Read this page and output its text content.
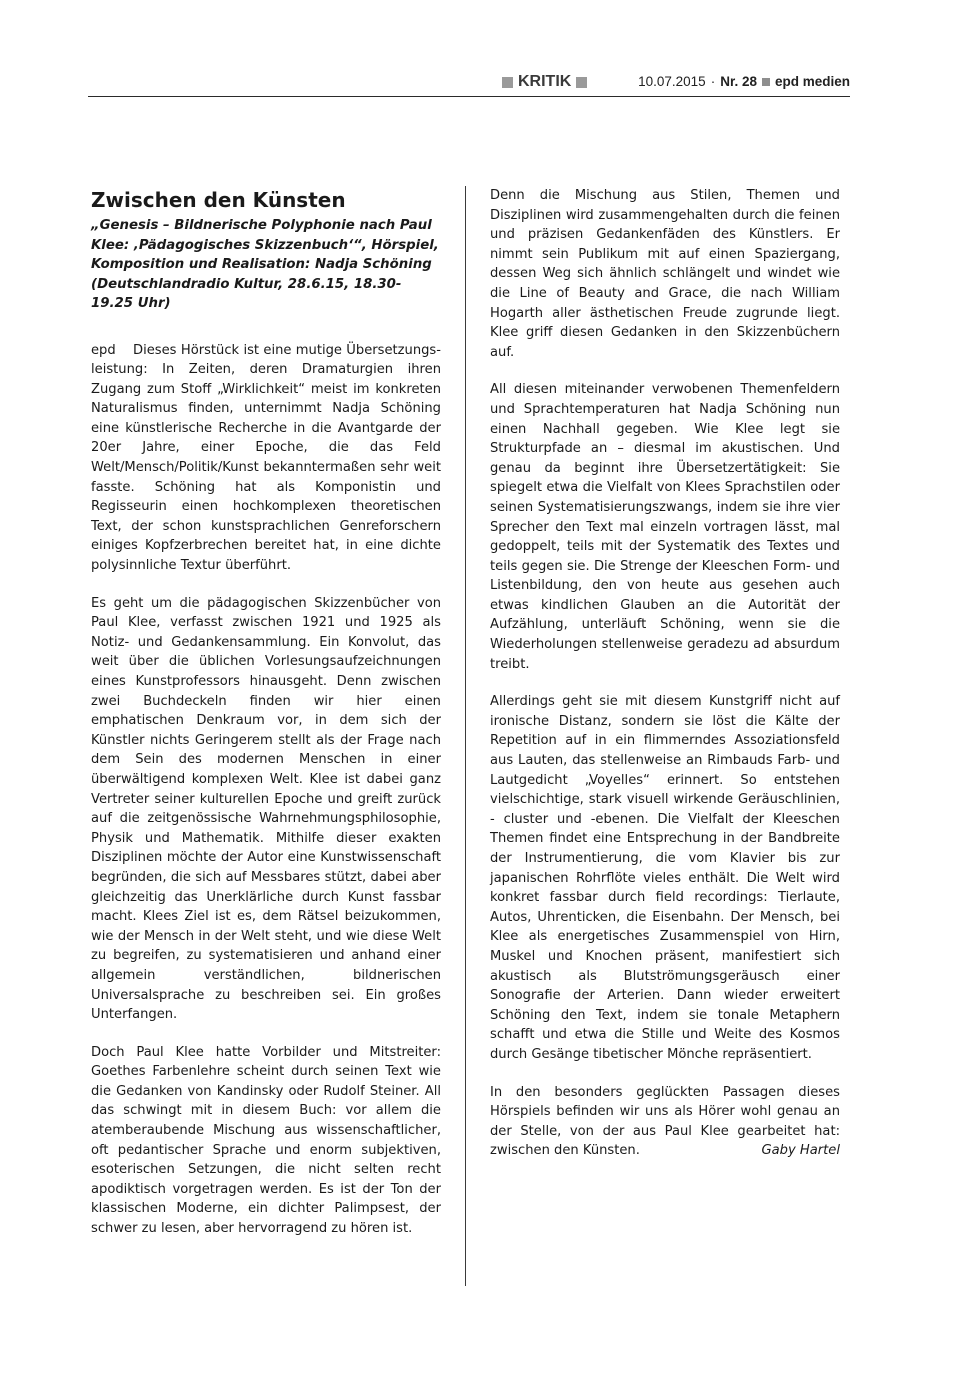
KRITIK	10.07.2015 · Nr. 28 epd medien
Zwischen den Künsten
„Genesis – Bildnerische Polyphonie nach Paul Klee: ‚Pädagogisches Skizzenbuch‘“, Hörspiel, Komposition und Realisation: Nadja Schöning (Deutschlandradio Kultur, 28.6.15, 18.30-19.25 Uhr)

epd Dieses Hörstück ist eine mutige Übersetzungsleistung: In Zeiten, deren Dramaturgien ihren Zugang zum Stoff „Wirklichkeit“ meist im konkreten Naturalismus finden, unternimmt Nadja Schöning eine künstlerische Recherche in die Avantgarde der 20er Jahre, einer Epoche, die das Feld Welt/Mensch/Politik/Kunst bekanntermaßen sehr weit fasste. Schöning hat als Komponistin und Regisseurin einen hochkomplexen theoretischen Text, der schon kunstsprachlichen Genreforschern einiges Kopfzerbrechen bereitet hat, in eine dichte polysinnliche Textur überführt.

Es geht um die pädagogischen Skizzenbücher von Paul Klee, verfasst zwischen 1921 und 1925 als Notiz- und Gedankensammlung. Ein Konvolut, das weit über die üblichen Vorlesungsaufzeichnungen eines Kunstprofessors hinausgeht. Denn zwischen zwei Buchdeckeln finden wir hier einen emphatischen Denkraum vor, in dem sich der Künstler nichts Geringerem stellt als der Frage nach dem Sein des modernen Menschen in einer überwältigend komplexen Welt. Klee ist dabei ganz Vertreter seiner kulturellen Epoche und greift zurück auf die zeitgenössische Wahrnehmungsphilosophie, Physik und Mathematik. Mithilfe dieser exakten Disziplinen möchte der Autor eine Kunstwissenschaft begründen, die sich auf Messbares stützt, dabei aber gleichzeitig das Unerklärliche durch Kunst fassbar macht. Klees Ziel ist es, dem Rätsel beizukommen, wie der Mensch in der Welt steht, und wie diese Welt zu begreifen, zu systematisieren und anhand einer allgemein verständlichen, bildnerischen Universalsprache zu beschreiben sei. Ein großes Unterfangen.

Doch Paul Klee hatte Vorbilder und Mitstreiter: Goethes Farbenlehre scheint durch seinen Text wie die Gedanken von Kandinsky oder Rudolf Steiner. All das schwingt mit in diesem Buch: vor allem die atemberaubende Mischung aus wissenschaftlicher, oft pedantischer Sprache und enorm subjektiven, esoterischen Setzungen, die nicht selten recht apodiktisch vorgetragen werden. Es ist der Ton der klassischen Moderne, ein dichter Palimpsest, der schwer zu lesen, aber hervorragend zu hören ist.

Denn die Mischung aus Stilen, Themen und Disziplinen wird zusammengehalten durch die feinen und präzisen Gedankenfäden des Künstlers. Er nimmt sein Publikum mit auf einen Spaziergang, dessen Weg sich ähnlich schlängelt und windet wie die Line of Beauty and Grace, die nach William Hogarth aller ästhetischen Freude zugrunde liegt. Klee griff diesen Gedanken in den Skizzenbüchern auf.

All diesen miteinander verwobenen Themenfeldern und Sprachtemperaturen hat Nadja Schöning nun einen Nachhall gegeben. Wie Klee legt sie Strukturpfade an – diesmal im akustischen. Und genau da beginnt ihre Übersetzertätigkeit: Sie spiegelt etwa die Vielfalt von Klees Sprachstilen oder seinen Systematisierungszwangs, indem sie ihre vier Sprecher den Text mal einzeln vortragen lässt, mal gedoppelt, teils mit der Systematik des Textes und teils gegen sie. Die Strenge der Kleeschen Form- und Listenbildung, den von heute aus gesehen auch etwas kindlichen Glauben an die Autorität der Aufzählung, unterläuft Schöning, wenn sie die Wiederholungen stellenweise geradezu ad absurdum treibt.

Allerdings geht sie mit diesem Kunstgriff nicht auf ironische Distanz, sondern sie löst die Kälte der Repetition auf in ein flimmerndes Assoziationsfeld aus Lauten, das stellenweise an Rimbauds Farb- und Lautgedicht „Voyelles“ erinnert. So entstehen vielschichtige, stark visuell wirkende Geräuschlinien, - cluster und -ebenen. Die Vielfalt der Kleeschen Themen findet eine Entsprechung in der Bandbreite der Instrumentierung, die vom Klavier bis zur japanischen Rohrflöte vieles enthält. Die Welt wird konkret fassbar durch field recordings: Tierlaute, Autos, Uhrenticken, die Eisenbahn. Der Mensch, bei Klee als energetisches Zusammenspiel von Hirn, Muskel und Knochen präsent, manifestiert sich akustisch als Blutströmungsgeräusch einer Sonografie der Arterien. Dann wieder erweitert Schöning den Text, indem sie tonale Metaphern schafft und etwa die Stille und Weite des Kosmos durch Gesänge tibetischer Mönche repräsentiert.

In den besonders geglückten Passagen dieses Hörspiels befinden wir uns als Hörer wohl genau an der Stelle, von der aus Paul Klee gearbeitet hat: zwischen den Künsten.	Gaby Hartel
